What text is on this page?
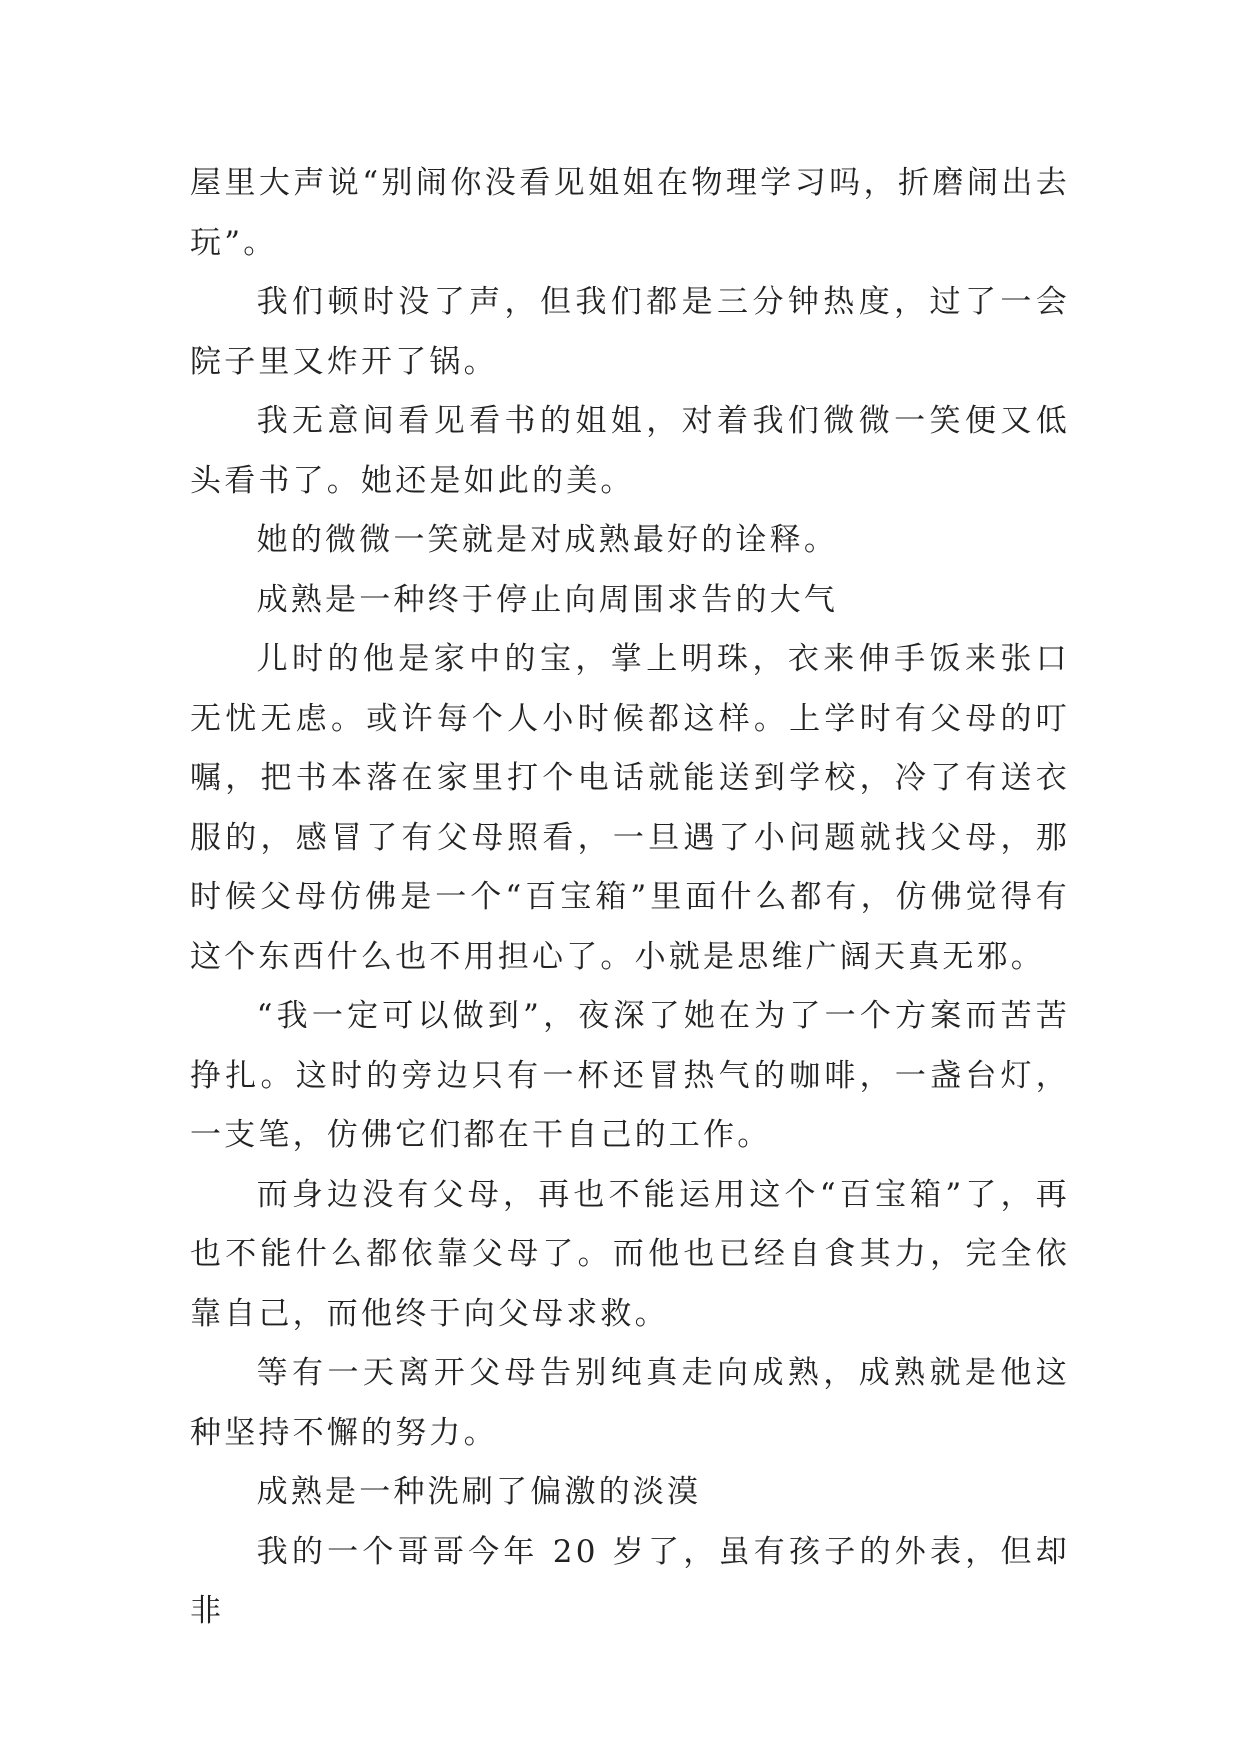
屋里大声说“别闹你没看见姐姐在物理学习吗，折磨闹出去玩”。

我们顿时没了声，但我们都是三分钟热度，过了一会院子里又炸开了锅。

我无意间看见看书的姐姐，对着我们微微一笑便又低头看书了。她还是如此的美。

她的微微一笑就是对成熟最好的诠释。

成熟是一种终于停止向周围求告的大气

儿时的他是家中的宝，掌上明珠，衣来伸手饭来张口无忧无虑。或许每个人小时候都这样。上学时有父母的叮嘱，把书本落在家里打个电话就能送到学校，冷了有送衣服的，感冒了有父母照看，一旦遇了小问题就找父母，那时候父母仿佛是一个“百宝箱”里面什么都有，仿佛觉得有这个东西什么也不用担心了。小就是思维广阔天真无邪。

“我一定可以做到”，夜深了她在为了一个方案而苦苦挣扎。这时的旁边只有一杯还冒热气的咖啡，一盏台灯，一支笔，仿佛它们都在干自己的工作。

而身边没有父母，再也不能运用这个“百宝箱”了，再也不能什么都依靠父母了。而他也已经自食其力，完全依靠自己，而他终于向父母求救。

等有一天离开父母告别纯真走向成熟，成熟就是他这种坚持不懈的努力。

成熟是一种洗刷了偏激的淡漠

我的一个哥哥今年 20 岁了，虽有孩子的外表，但却非
